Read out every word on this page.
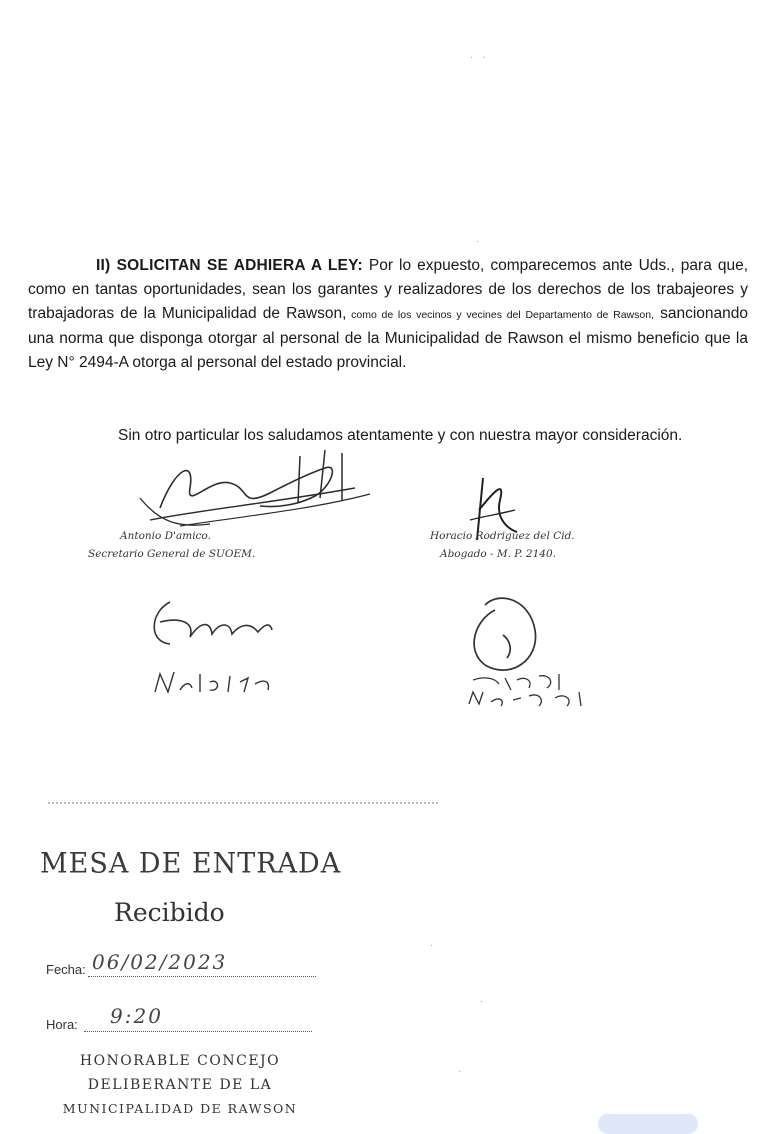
· ·
·
II) SOLICITAN SE ADHIERA A LEY: Por lo expuesto, comparecemos ante Uds., para que, como en tantas oportunidades, sean los garantes y realizadores de los derechos de los trabajeores y trabajadoras de la Municipalidad de Rawson, como de los vecinos y vecines del Departamento de Rawson, sancionando una norma que disponga otorgar al personal de la Municipalidad de Rawson el mismo beneficio que la Ley N° 2494-A otorga al personal del estado provincial.
Sin otro particular los saludamos atentamente y con nuestra mayor consideración.
Antonio D'amico.
Secretario General de SUOEM.
Horacio Rodriguez del Cid.
Abogado - M. P. 2140.
MESA DE ENTRADA
Recibido
Fecha: 06/02/2023
Hora: 9:20
HONORABLE CONCEJO
DELIBERANTE DE LA
MUNICIPALIDAD DE RAWSON
·
·
·
